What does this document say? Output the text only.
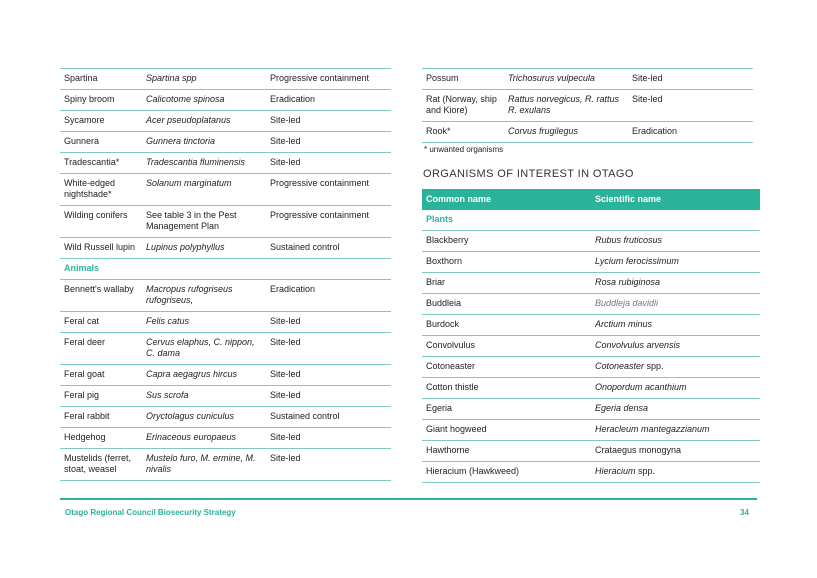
Spartina	Spartina spp	Progressive containment
Spiny broom	Calicotome spinosa	Eradication
Sycamore	Acer pseudoplatanus	Site-led
Gunnera	Gunnera tinctoria	Site-led
Tradescantia*	Tradescantia fluminensis	Site-led
White-edged nightshade*	Solanum marginatum	Progressive containment
Wilding conifers	See table 3 in the Pest Management Plan	Progressive containment
Wild Russell lupin	Lupinus polyphyllus	Sustained control
Animals		
Bennett's wallaby	Macropus rufogriseus rufogriseus,	Eradication
Feral cat	Felis catus	Site-led
Feral deer	Cervus elaphus, C. nippon, C. dama	Site-led
Feral goat	Capra aegagrus hircus	Site-led
Feral pig	Sus scrofa	Site-led
Feral rabbit	Oryctolagus cuniculus	Sustained control
Hedgehog	Erinaceous europaeus	Site-led
Mustelids (ferret, stoat, weasel	Mustelo furo, M. ermine, M. nivalis	Site-led
Possum	Trichosurus vulpecula	Site-led
Rat (Norway, ship and Kiore)	Rattus norvegicus, R. rattus R. exulans	Site-led
Rook*	Corvus frugilegus	Eradication
* unwanted organisms
ORGANISMS OF INTEREST IN OTAGO
Common name	Scientific name
Plants	
Blackberry	Rubus fruticosus
Boxthorn	Lycium ferocissimum
Briar	Rosa rubiginosa
Buddleia	Buddleja davidii
Burdock	Arctium minus
Convolvulus	Convolvulus arvensis
Cotoneaster	Cotoneaster spp.
Cotton thistle	Onopordum acanthium
Egeria	Egeria densa
Giant hogweed	Heracleum mantegazzianum
Hawthorne	Crataegus monogyna
Hieracium (Hawkweed)	Hieracium spp.
Otago Regional Council Biosecurity Strategy	34
